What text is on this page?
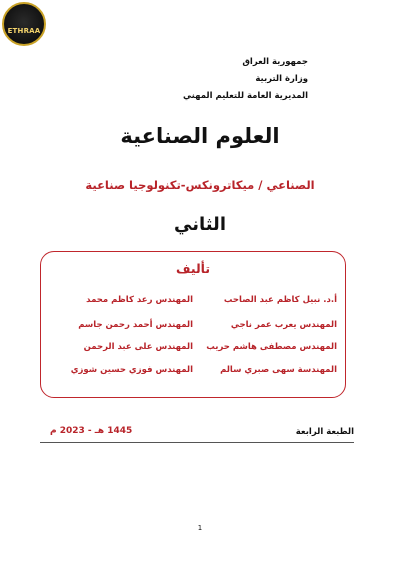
ETHRAA
جمهورية العراق
وزارة التربية
المديرية العامة للتعليم المهني
العلوم الصناعية
الصناعي / ميكاترونكس-تكنولوجيا صناعية
الثاني
تأليف
أ.د. نبيل كاظم عبد الصاحب
المهندس رعد كاظم محمد
المهندس يعرب عمر ناجي
المهندس أحمد رحمن جاسم
المهندس مصطفى هاشم حريب
المهندس على عبد الرحمن
المهندسة سهى صبري سالم
المهندس فوزي حسين شوزي
الطبعة الرابعة
1445 هـ - 2023 م
1
